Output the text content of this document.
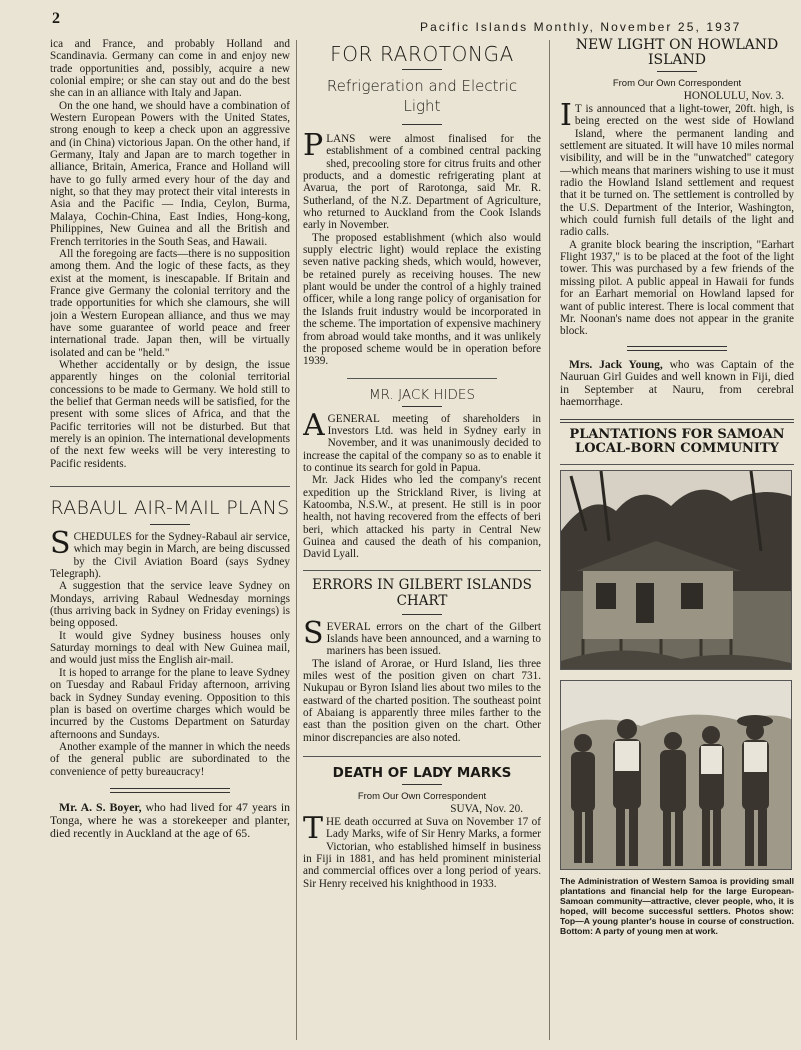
2	Pacific Islands Monthly, November 25, 1937

ica and France, and probably Holland and Scandinavia. Germany can come in and enjoy new trade opportunities and, possibly, acquire a new colonial empire; or she can stay out and do the best she can in an alliance with Italy and Japan.

On the one hand, we should have a combination of Western European Powers with the United States, strong enough to keep a check upon an aggressive and (in China) victorious Japan. On the other hand, if Germany, Italy and Japan are to march together in alliance, Britain, America, France and Holland will have to go fully armed every hour of the day and night, so that they may protect their vital interests in Asia and the Pacific — India, Ceylon, Burma, Malaya, Cochin-China, East Indies, Hong-kong, Philippines, New Guinea and all the British and French territories in the South Seas, and Hawaii.

All the foregoing are facts—there is no supposition among them. And the logic of these facts, as they exist at the moment, is inescapable. If Britain and France give Germany the colonial territory and the trade opportunities for which she clamours, she will join a Western European alliance, and thus we may have some guarantee of world peace and freer international trade. Japan then, will be virtually isolated and can be "held."

Whether accidentally or by design, the issue apparently hinges on the colonial territorial concessions to be made to Germany. We hold still to the belief that German needs will be satisfied, for the present with some slices of Africa, and that the Pacific territories will not be disturbed. But that merely is an opinion. The international developments of the next few weeks will be very interesting to Pacific residents.

RABAUL AIR-MAIL PLANS
S CHEDULES for the Sydney-Rabaul air service, which may begin in March, are being discussed by the Civil Aviation Board (says Sydney Telegraph).

A suggestion that the service leave Sydney on Mondays, arriving Rabaul Wednesday mornings (thus arriving back in Sydney on Friday evenings) is being opposed.

It would give Sydney business houses only Saturday mornings to deal with New Guinea mail, and would just miss the English air-mail.

It is hoped to arrange for the plane to leave Sydney on Tuesday and Rabaul Friday afternoon, arriving back in Sydney Sunday evening. Opposition to this plan is based on overtime charges which would be incurred by the Customs Department on Saturday afternoons and Sundays.

Another example of the manner in which the needs of the general public are subordinated to the convenience of petty bureaucracy!

Mr. A. S. Boyer, who had lived for 47 years in Tonga, where he was a storekeeper and planter, died recently in Auckland at the age of 65.

FOR RAROTONGA
Refrigeration and Electric Light
P LANS were almost finalised for the establishment of a combined central packing shed, precooling store for citrus fruits and other products, and a domestic refrigerating plant at Avarua, the port of Rarotonga, said Mr. R. Sutherland, of the N.Z. Department of Agriculture, who returned to Auckland from the Cook Islands early in November.

The proposed establishment (which also would supply electric light) would replace the existing seven native packing sheds, which would, however, be retained purely as receiving houses. The new plant would be under the control of a highly trained officer, while a long range policy of organisation for the Islands fruit industry would be incorporated in the scheme. The importation of expensive machinery from abroad would take months, and it was unlikely the proposed scheme would be in operation before 1939.

MR. JACK HIDES
A GENERAL meeting of shareholders in Investors Ltd. was held in Sydney early in November, and it was unanimously decided to increase the capital of the company so as to enable it to continue its search for gold in Papua.

Mr. Jack Hides who led the company's recent expedition up the Strickland River, is living at Katoomba, N.S.W., at present. He still is in poor health, not having recovered from the effects of beri beri, which attacked his party in Central New Guinea and caused the death of his companion, David Lyall.

ERRORS IN GILBERT ISLANDS CHART
S EVERAL errors on the chart of the Gilbert Islands have been announced, and a warning to mariners has been issued.

The island of Arorae, or Hurd Island, lies three miles west of the position given on chart 731. Nukupau or Byron Island lies about two miles to the eastward of the charted position. The southeast point of Abaiang is apparently three miles farther to the east than the position given on the chart. Other minor discrepancies are also noted.

DEATH OF LADY MARKS
From Our Own Correspondent
SUVA, Nov. 20.
T HE death occurred at Suva on November 17 of Lady Marks, wife of Sir Henry Marks, a former Victorian, who established himself in business in Fiji in 1881, and has held prominent ministerial and commercial offices over a long period of years. Sir Henry received his knighthood in 1933.

NEW LIGHT ON HOWLAND ISLAND
From Our Own Correspondent
HONOLULU, Nov. 3.
I T is announced that a light-tower, 20ft. high, is being erected on the west side of Howland Island, where the permanent landing and settlement are situated. It will have 10 miles normal visibility, and will be in the "unwatched" category—which means that mariners wishing to use it must radio the Howland Island settlement and request that it be turned on. The settlement is controlled by the U.S. Department of the Interior, Washington, which could furnish full details of the light and radio calls.

A granite block bearing the inscription, "Earhart Flight 1937," is to be placed at the foot of the light tower. This was purchased by a few friends of the missing pilot. A public appeal in Hawaii for funds for an Earhart memorial on Howland lapsed for want of public interest. There is local comment that Mr. Noonan's name does not appear in the granite block.

Mrs. Jack Young, who was Captain of the Nauruan Girl Guides and well known in Fiji, died in September at Nauru, from cerebral haemorrhage.

PLANTATIONS FOR SAMOAN LOCAL-BORN COMMUNITY
The Administration of Western Samoa is providing small plantations and financial help for the large European-Samoan community—attractive, clever people, who, it is hoped, will become successful settlers. Photos show: Top—A young planter's house in course of construction. Bottom: A party of young men at work.
